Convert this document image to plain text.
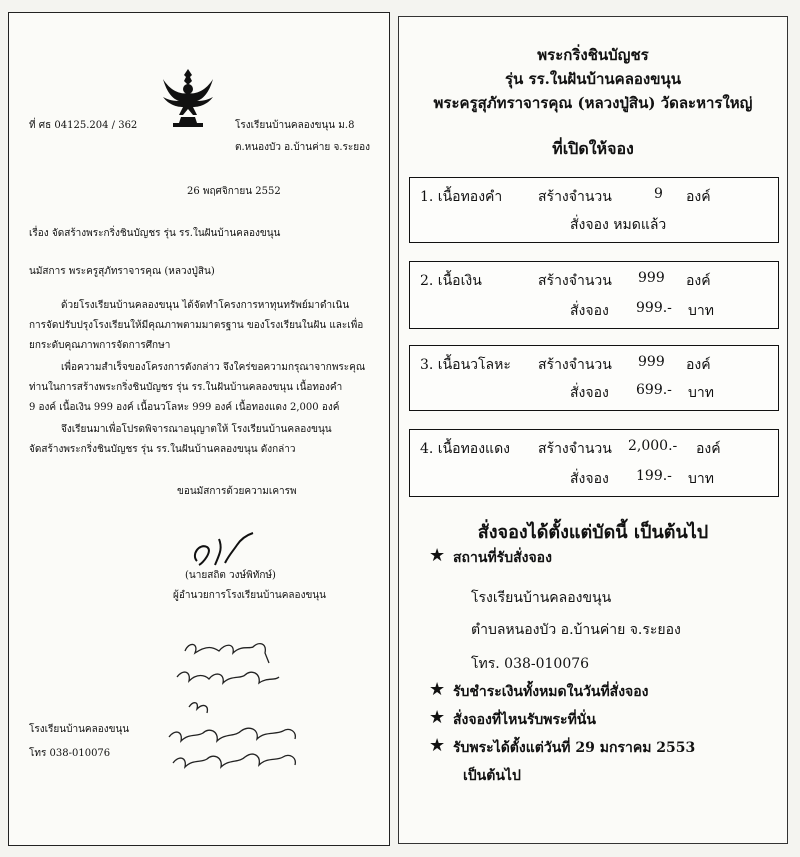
ที่ ศธ 04125.204 / 362	โรงเรียนบ้านคลองขนุน ม.8
ต.หนองบัว อ.บ้านค่าย จ.ระยอง
26 พฤศจิกายน 2552
เรื่อง จัดสร้างพระกริ่งชินบัญชร รุ่น รร.ในฝันบ้านคลองขนุน
นมัสการ พระครูสุภัทราจารคุณ (หลวงปู่สิน)
ด้วยโรงเรียนบ้านคลองขนุน ได้จัดทำโครงการหาทุนทรัพย์มาดำเนิน
การจัดปรับปรุงโรงเรียนให้มีคุณภาพตามมาตรฐาน ของโรงเรียนในฝัน และเพื่อ
ยกระดับคุณภาพการจัดการศึกษา
เพื่อความสำเร็จของโครงการดังกล่าว จึงใคร่ขอความกรุณาจากพระคุณ
ท่านในการสร้างพระกริ่งชินบัญชร รุ่น รร.ในฝันบ้านคลองขนุน เนื้อทองคำ
9 องค์ เนื้อเงิน 999 องค์ เนื้อนวโลหะ 999 องค์ เนื้อทองแดง 2,000 องค์
จึงเรียนมาเพื่อโปรดพิจารณาอนุญาตให้ โรงเรียนบ้านคลองขนุน
จัดสร้างพระกริ่งชินบัญชร รุ่น รร.ในฝันบ้านคลองขนุน ดังกล่าว
ขอนมัสการด้วยความเคารพ
(นายสถิต วงษ์พิทักษ์)
ผู้อำนวยการโรงเรียนบ้านคลองขนุน
โรงเรียนบ้านคลองขนุน
โทร 038-010076
พระกริ่งชินบัญชร
รุ่น รร.ในฝันบ้านคลองขนุน
พระครูสุภัทราจารคุณ (หลวงปู่สิน) วัดละหารใหญ่
ที่เปิดให้จอง
1. เนื้อทองคำ	สร้างจำนวน	9 องค์
สั่งจอง หมดแล้ว
2. เนื้อเงิน	สร้างจำนวน 999 องค์
สั่งจอง 999.- บาท
3. เนื้อนวโลหะ สร้างจำนวน 999 องค์
สั่งจอง 699.- บาท
4. เนื้อทองแดง สร้างจำนวน 2,000.- องค์
สั่งจอง 199.- บาท
สั่งจองได้ตั้งแต่บัดนี้ เป็นต้นไป
★ สถานที่รับสั่งจอง
โรงเรียนบ้านคลองขนุน
ตำบลหนองบัว อ.บ้านค่าย จ.ระยอง
โทร. 038-010076
★ รับชำระเงินทั้งหมดในวันที่สั่งจอง
★ สั่งจองที่ไหนรับพระที่นั่น
★ รับพระได้ตั้งแต่วันที่ 29 มกราคม 2553
เป็นต้นไป
